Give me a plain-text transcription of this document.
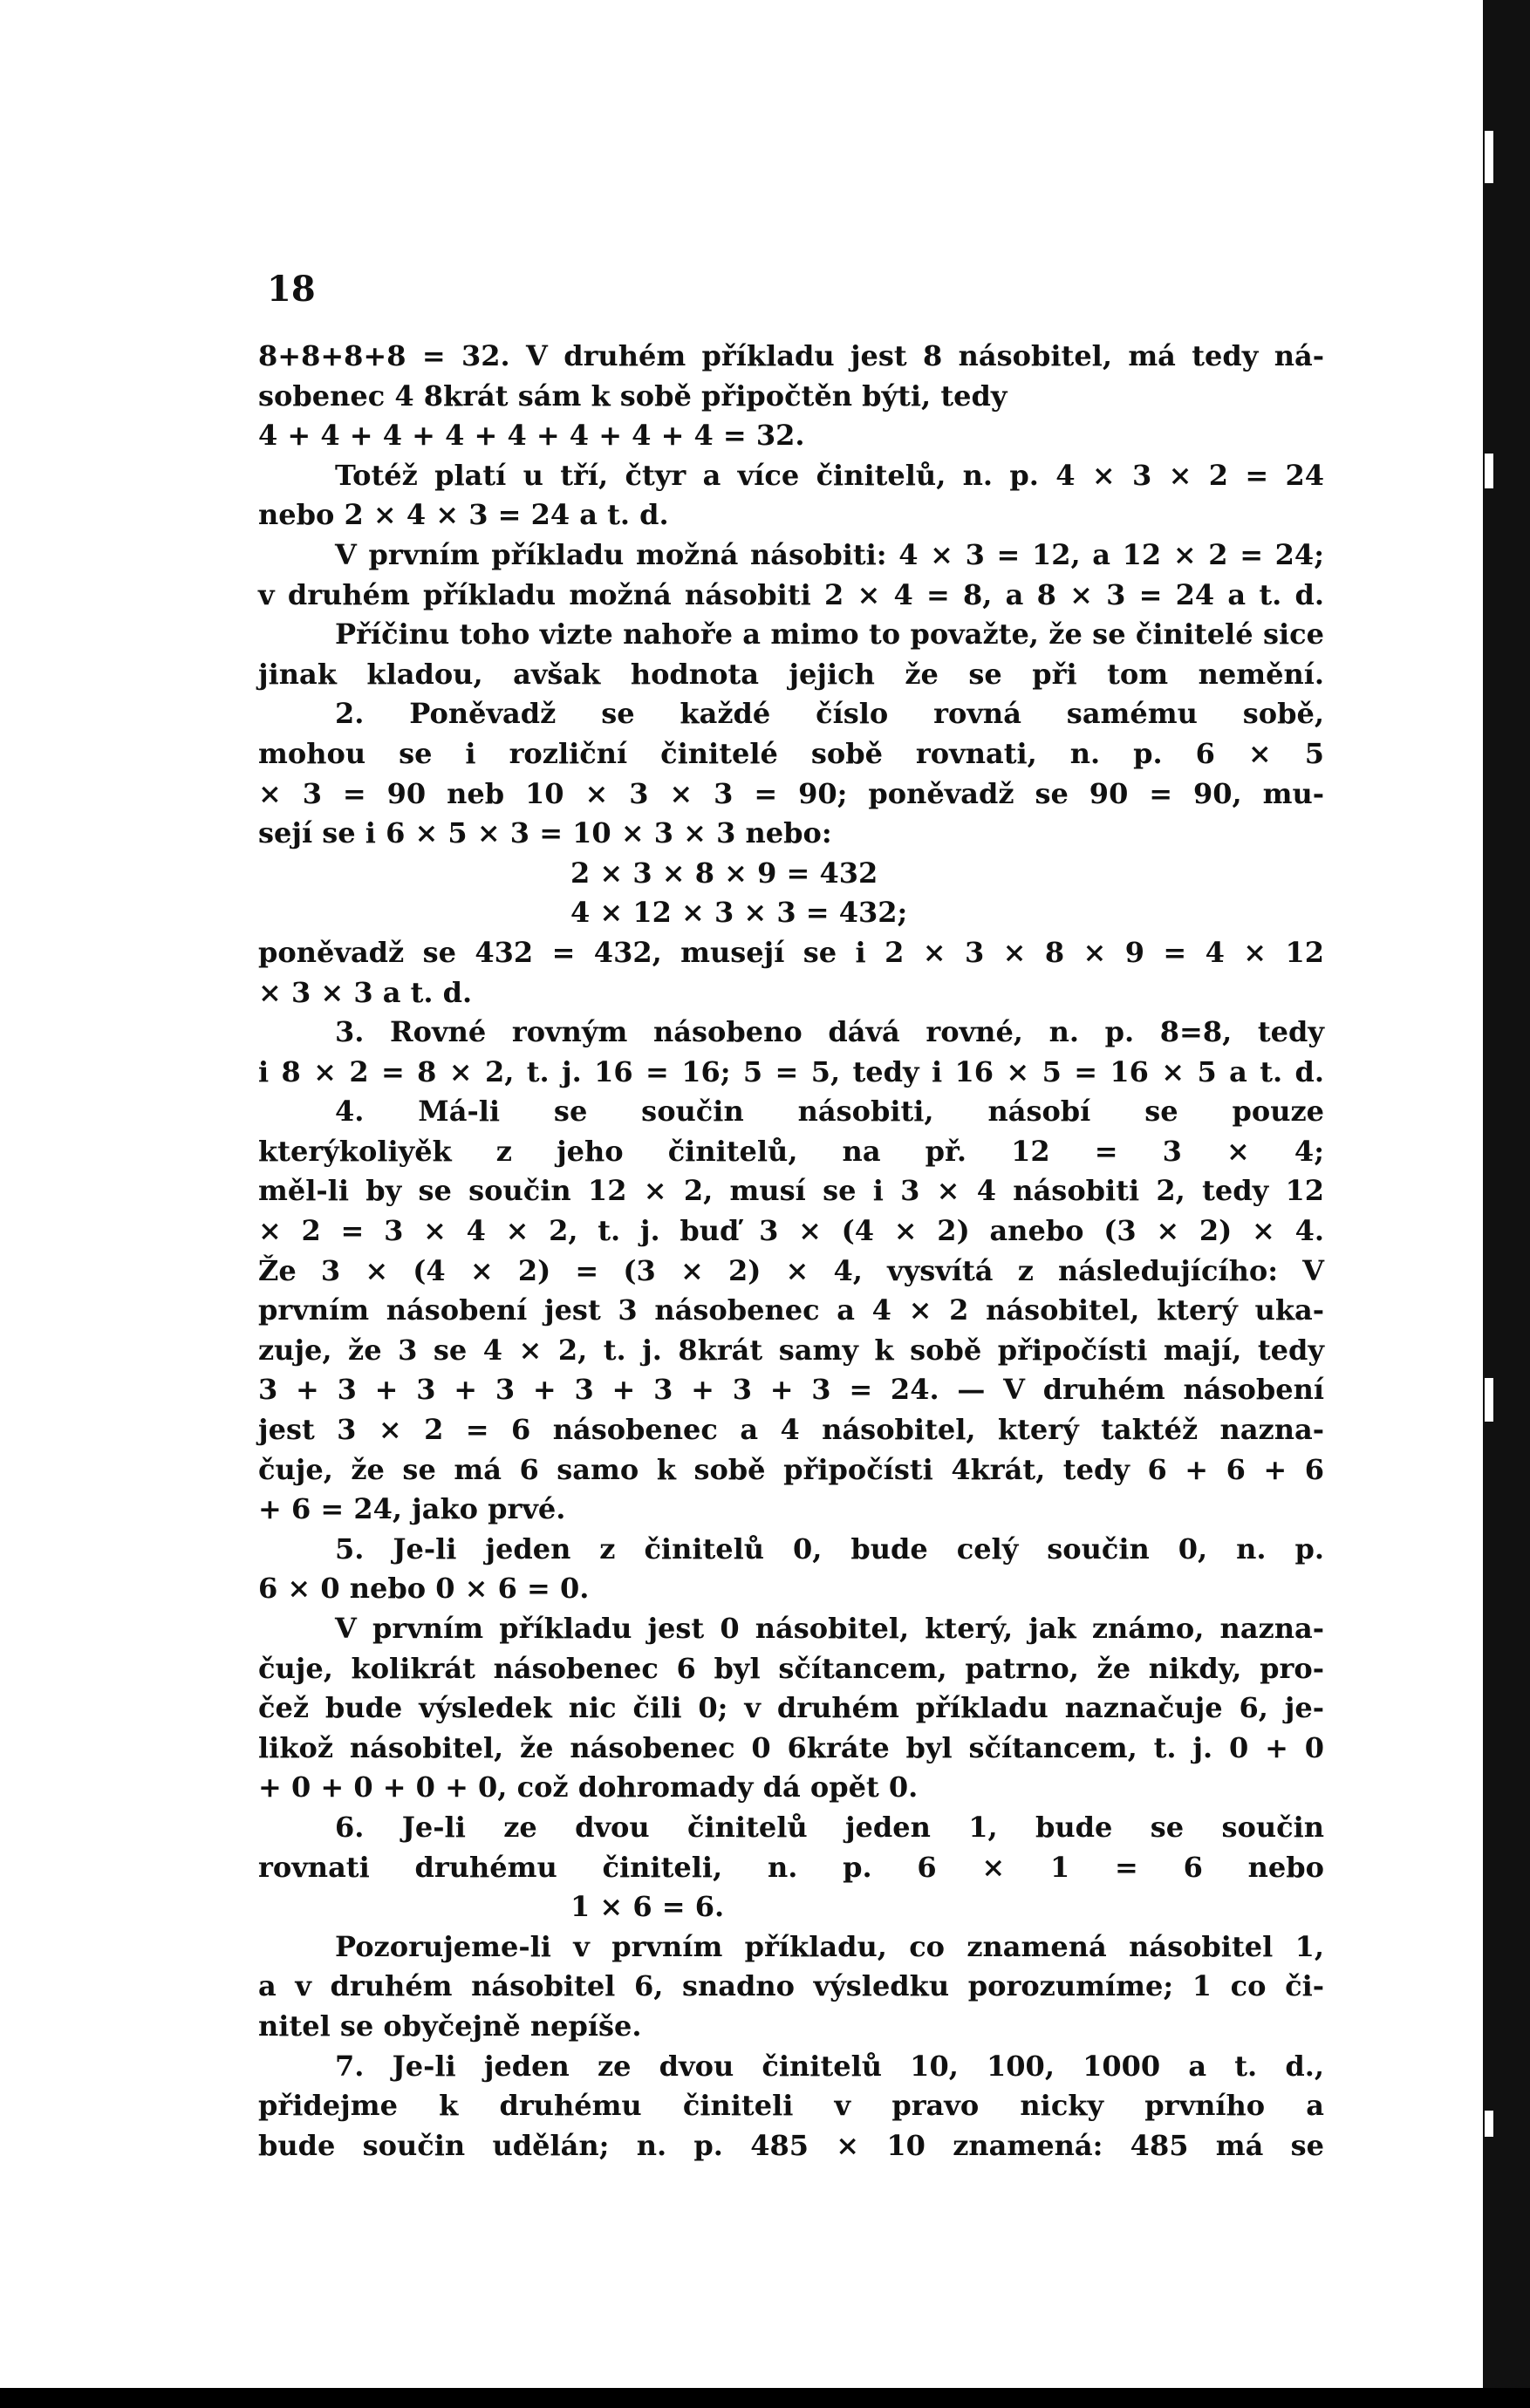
18
8+8+8+8 = 32. V druhém příkladu jest 8 násobitel, má tedy ná-
sobenec 4 8krát sám k sobě připočtěn býti, tedy
4 + 4 + 4 + 4 + 4 + 4 + 4 + 4 = 32.
Totéž platí u tří, čtyr a více činitelů, n. p. 4 × 3 × 2 = 24
nebo 2 × 4 × 3 = 24 a t. d.
V prvním příkladu možná násobiti: 4 × 3 = 12, a 12 × 2 = 24;
v druhém příkladu možná násobiti 2 × 4 = 8, a 8 × 3 = 24 a t. d.
Příčinu toho vizte nahoře a mimo to považte, že se činitelé sice
jinak kladou, avšak hodnota jejich že se při tom nemění.
2. Poněvadž se každé číslo rovná samému sobě,
mohou se i rozliční činitelé sobě rovnati, n. p. 6 × 5
× 3 = 90 neb 10 × 3 × 3 = 90; poněvadž se 90 = 90, mu-
sejí se i 6 × 5 × 3 = 10 × 3 × 3 nebo:
2 × 3 × 8 × 9 = 432
4 × 12 × 3 × 3 = 432;
poněvadž se 432 = 432, musejí se i 2 × 3 × 8 × 9 = 4 × 12
× 3 × 3 a t. d.
3. Rovné rovným násobeno dává rovné, n. p. 8=8, tedy
i 8 × 2 = 8 × 2, t. j. 16 = 16; 5 = 5, tedy i 16 × 5 = 16 × 5 a t. d.
4. Má-li se součin násobiti, násobí se pouze
kterýkoliyěk z jeho činitelů, na př. 12 = 3 × 4;
měl-li by se součin 12 × 2, musí se i 3 × 4 násobiti 2, tedy 12
× 2 = 3 × 4 × 2, t. j. buď 3 × (4 × 2) anebo (3 × 2) × 4.
Že 3 × (4 × 2) = (3 × 2) × 4, vysvítá z následujícího: V
prvním násobení jest 3 násobenec a 4 × 2 násobitel, který uka-
zuje, že 3 se 4 × 2, t. j. 8krát samy k sobě připočísti mají, tedy
3 + 3 + 3 + 3 + 3 + 3 + 3 + 3 = 24. — V druhém násobení
jest 3 × 2 = 6 násobenec a 4 násobitel, který taktéž nazna-
čuje, že se má 6 samo k sobě připočísti 4krát, tedy 6 + 6 + 6
+ 6 = 24, jako prvé.
5. Je-li jeden z činitelů 0, bude celý součin 0, n. p.
6 × 0 nebo 0 × 6 = 0.
V prvním příkladu jest 0 násobitel, který, jak známo, nazna-
čuje, kolikrát násobenec 6 byl sčítancem, patrno, že nikdy, pro-
čež bude výsledek nic čili 0; v druhém příkladu naznačuje 6, je-
likož násobitel, že násobenec 0 6kráte byl sčítancem, t. j. 0 + 0
+ 0 + 0 + 0 + 0, což dohromady dá opět 0.
6. Je-li ze dvou činitelů jeden 1, bude se součin
rovnati druhému činiteli, n. p. 6 × 1 = 6 nebo
1 × 6 = 6.
Pozorujeme-li v prvním příkladu, co znamená násobitel 1,
a v druhém násobitel 6, snadno výsledku porozumíme; 1 co či-
nitel se obyčejně nepíše.
7. Je-li jeden ze dvou činitelů 10, 100, 1000 a t. d.,
přidejme k druhému činiteli v pravo nicky prvního a
bude součin udělán; n. p. 485 × 10 znamená: 485 má se
